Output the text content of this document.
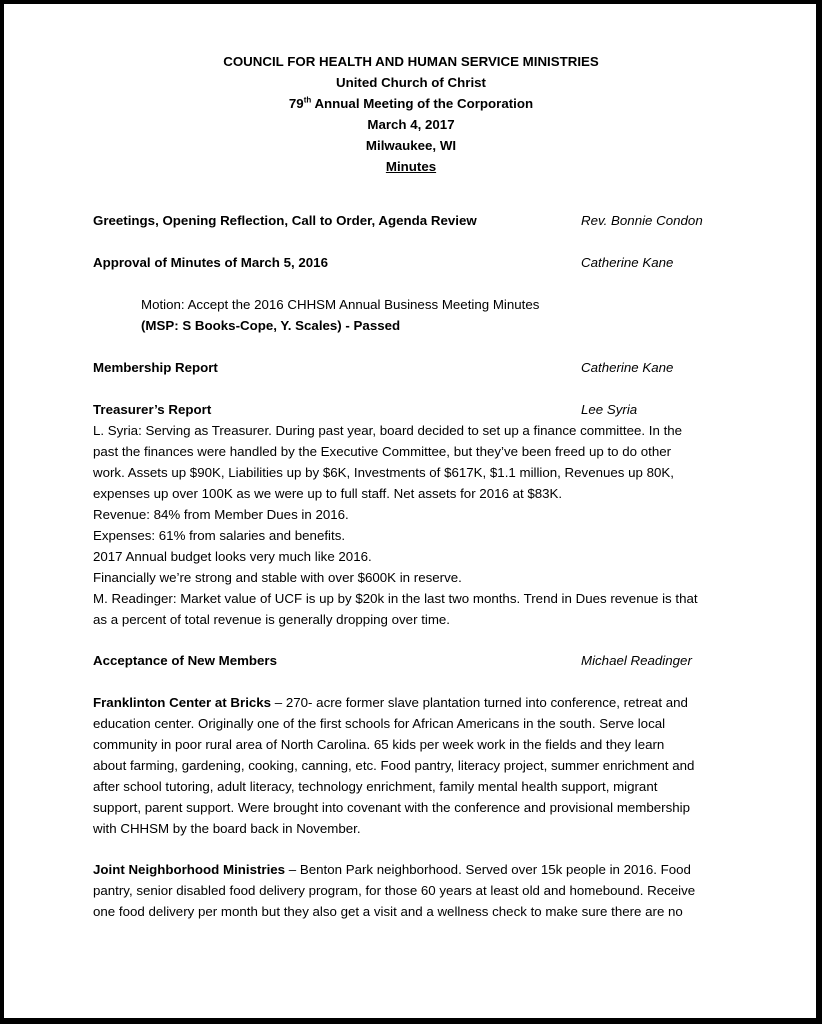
COUNCIL FOR HEALTH AND HUMAN SERVICE MINISTRIES
United Church of Christ
79th Annual Meeting of the Corporation
March 4, 2017
Milwaukee, WI
Minutes
Greetings, Opening Reflection, Call to Order, Agenda Review	Rev. Bonnie Condon
Approval of Minutes of March 5, 2016	Catherine Kane
Motion: Accept the 2016 CHHSM Annual Business Meeting Minutes
(MSP: S Books-Cope, Y. Scales) - Passed
Membership Report	Catherine Kane
Treasurer’s Report	Lee Syria
L. Syria: Serving as Treasurer. During past year, board decided to set up a finance committee. In the
past the finances were handled by the Executive Committee, but they’ve been freed up to do other
work. Assets up $90K, Liabilities up by $6K, Investments of $617K, $1.1 million, Revenues up 80K,
expenses up over 100K as we were up to full staff. Net assets for 2016 at $83K.
Revenue: 84% from Member Dues in 2016.
Expenses: 61% from salaries and benefits.
2017 Annual budget looks very much like 2016.
Financially we’re strong and stable with over $600K in reserve.
M. Readinger: Market value of UCF is up by $20k in the last two months. Trend in Dues revenue is that
as a percent of total revenue is generally dropping over time.
Acceptance of New Members	Michael Readinger
Franklinton Center at Bricks – 270- acre former slave plantation turned into conference, retreat and
education center. Originally one of the first schools for African Americans in the south. Serve local
community in poor rural area of North Carolina. 65 kids per week work in the fields and they learn
about farming, gardening, cooking, canning, etc. Food pantry, literacy project, summer enrichment and
after school tutoring, adult literacy, technology enrichment, family mental health support, migrant
support, parent support. Were brought into covenant with the conference and provisional membership
with CHHSM by the board back in November.
Joint Neighborhood Ministries – Benton Park neighborhood. Served over 15k people in 2016. Food
pantry, senior disabled food delivery program, for those 60 years at least old and homebound. Receive
one food delivery per month but they also get a visit and a wellness check to make sure there are no
